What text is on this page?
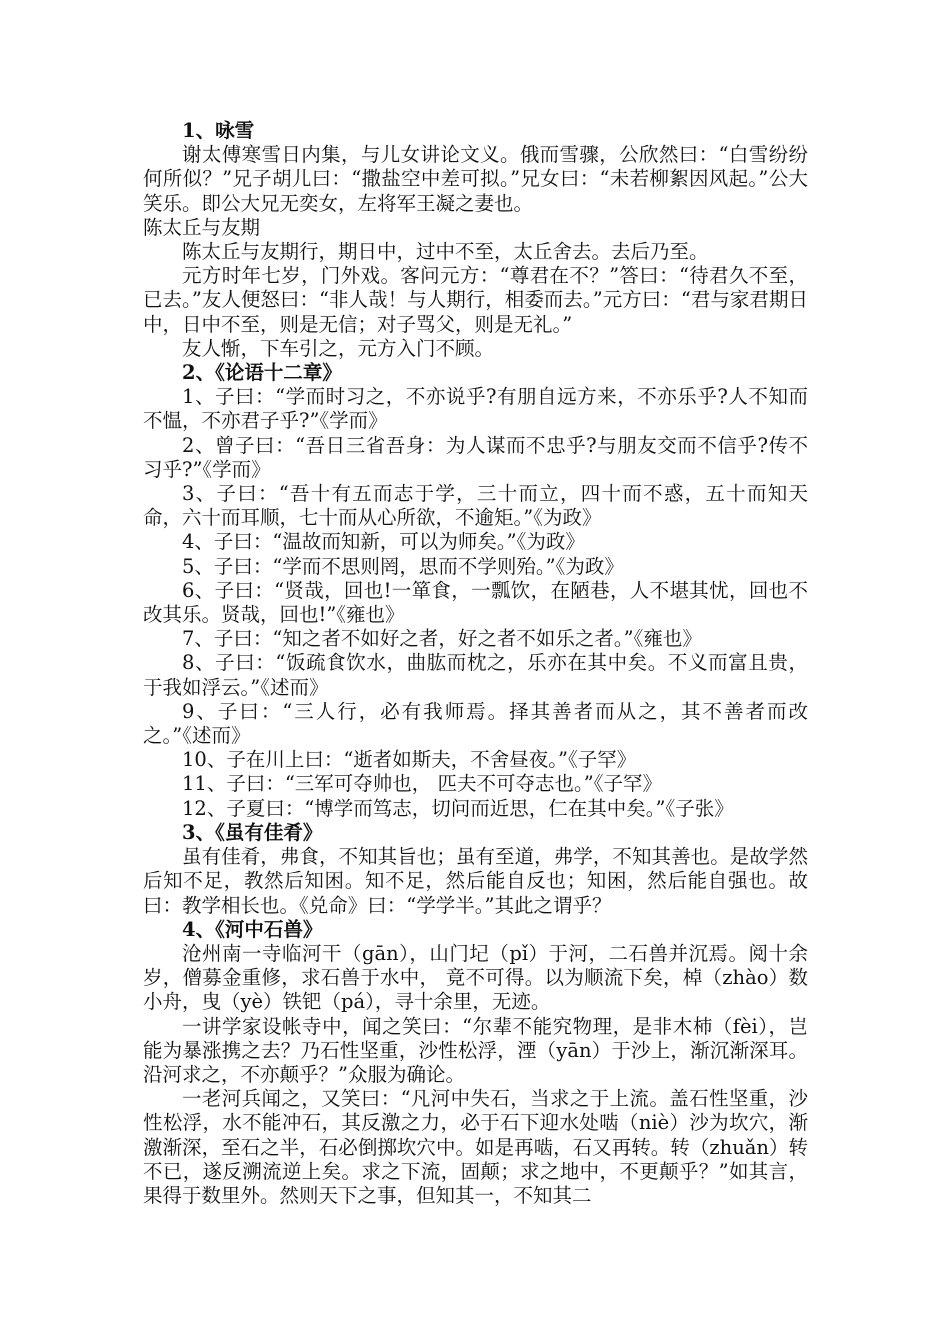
1、咏雪

谢太傅寒雪日内集，与儿女讲论文义。俄而雪骤，公欣然曰：“白雪纷纷何所似？”兄子胡儿曰：“撒盐空中差可拟。”兄女曰：“未若柳絮因风起。”公大笑乐。即公大兄无奕女，左将军王凝之妻也。

陈太丘与友期

陈太丘与友期行，期日中，过中不至，太丘舍去。去后乃至。

元方时年七岁，门外戏。客问元方：“尊君在不？”答曰：“待君久不至，已去。”友人便怒曰：“非人哉！与人期行，相委而去。”元方曰：“君与家君期日中，日中不至，则是无信；对子骂父，则是无礼。”

友人惭，下车引之，元方入门不顾。

2、《论语十二章》

1、子曰：“学而时习之，不亦说乎?有朋自远方来，不亦乐乎?人不知而不愠，不亦君子乎?”《学而》

2、曾子曰：“吾日三省吾身：为人谋而不忠乎?与朋友交而不信乎?传不习乎?”《学而》

3、子曰：“吾十有五而志于学，三十而立，四十而不惑，五十而知天命，六十而耳顺，七十而从心所欲，不逾矩。”《为政》

4、子曰：“温故而知新，可以为师矣。”《为政》

5、子曰：“学而不思则罔，思而不学则殆。”《为政》

6、子曰：“贤哉，回也!一箪食，一瓢饮，在陋巷，人不堪其忧，回也不改其乐。贤哉，回也!”《雍也》

7、子曰：“知之者不如好之者，好之者不如乐之者。”《雍也》

8、子曰：“饭疏食饮水，曲肱而枕之，乐亦在其中矣。不义而富且贵，于我如浮云。”《述而》

9、子曰：“三人行，必有我师焉。择其善者而从之，其不善者而改之。”《述而》

10、子在川上曰：“逝者如斯夫，不舍昼夜。”《子罕》

11、子曰：“三军可夺帅也， 匹夫不可夺志也。”《子罕》

12、子夏曰：“博学而笃志，切问而近思，仁在其中矣。”《子张》

3、《虽有佳肴》

虽有佳肴，弗食，不知其旨也；虽有至道，弗学，不知其善也。是故学然后知不足，教然后知困。知不足，然后能自反也；知困，然后能自强也。故曰：教学相长也。《兑命》曰：“学学半。”其此之谓乎？

4、《河中石兽》

沧州南一寺临河干（gān），山门圮（pǐ）于河，二石兽并沉焉。阅十余岁，僧募金重修，求石兽于水中， 竟不可得。以为顺流下矣，棹（zhào）数小舟，曳（yè）铁钯（pá），寻十余里，无迹。

一讲学家设帐寺中，闻之笑曰：“尔辈不能究物理，是非木杮（fèi），岂能为暴涨携之去？乃石性坚重，沙性松浮，湮（yān）于沙上，渐沉渐深耳。沿河求之，不亦颠乎？”众服为确论。

一老河兵闻之，又笑曰：“凡河中失石，当求之于上流。盖石性坚重，沙性松浮，水不能冲石，其反激之力，必于石下迎水处啮（niè）沙为坎穴，渐激渐深，至石之半，石必倒掷坎穴中。如是再啮，石又再转。转（zhuǎn）转不已，遂反溯流逆上矣。求之下流，固颠；求之地中，不更颠乎？”如其言，果得于数里外。然则天下之事，但知其一，不知其二
